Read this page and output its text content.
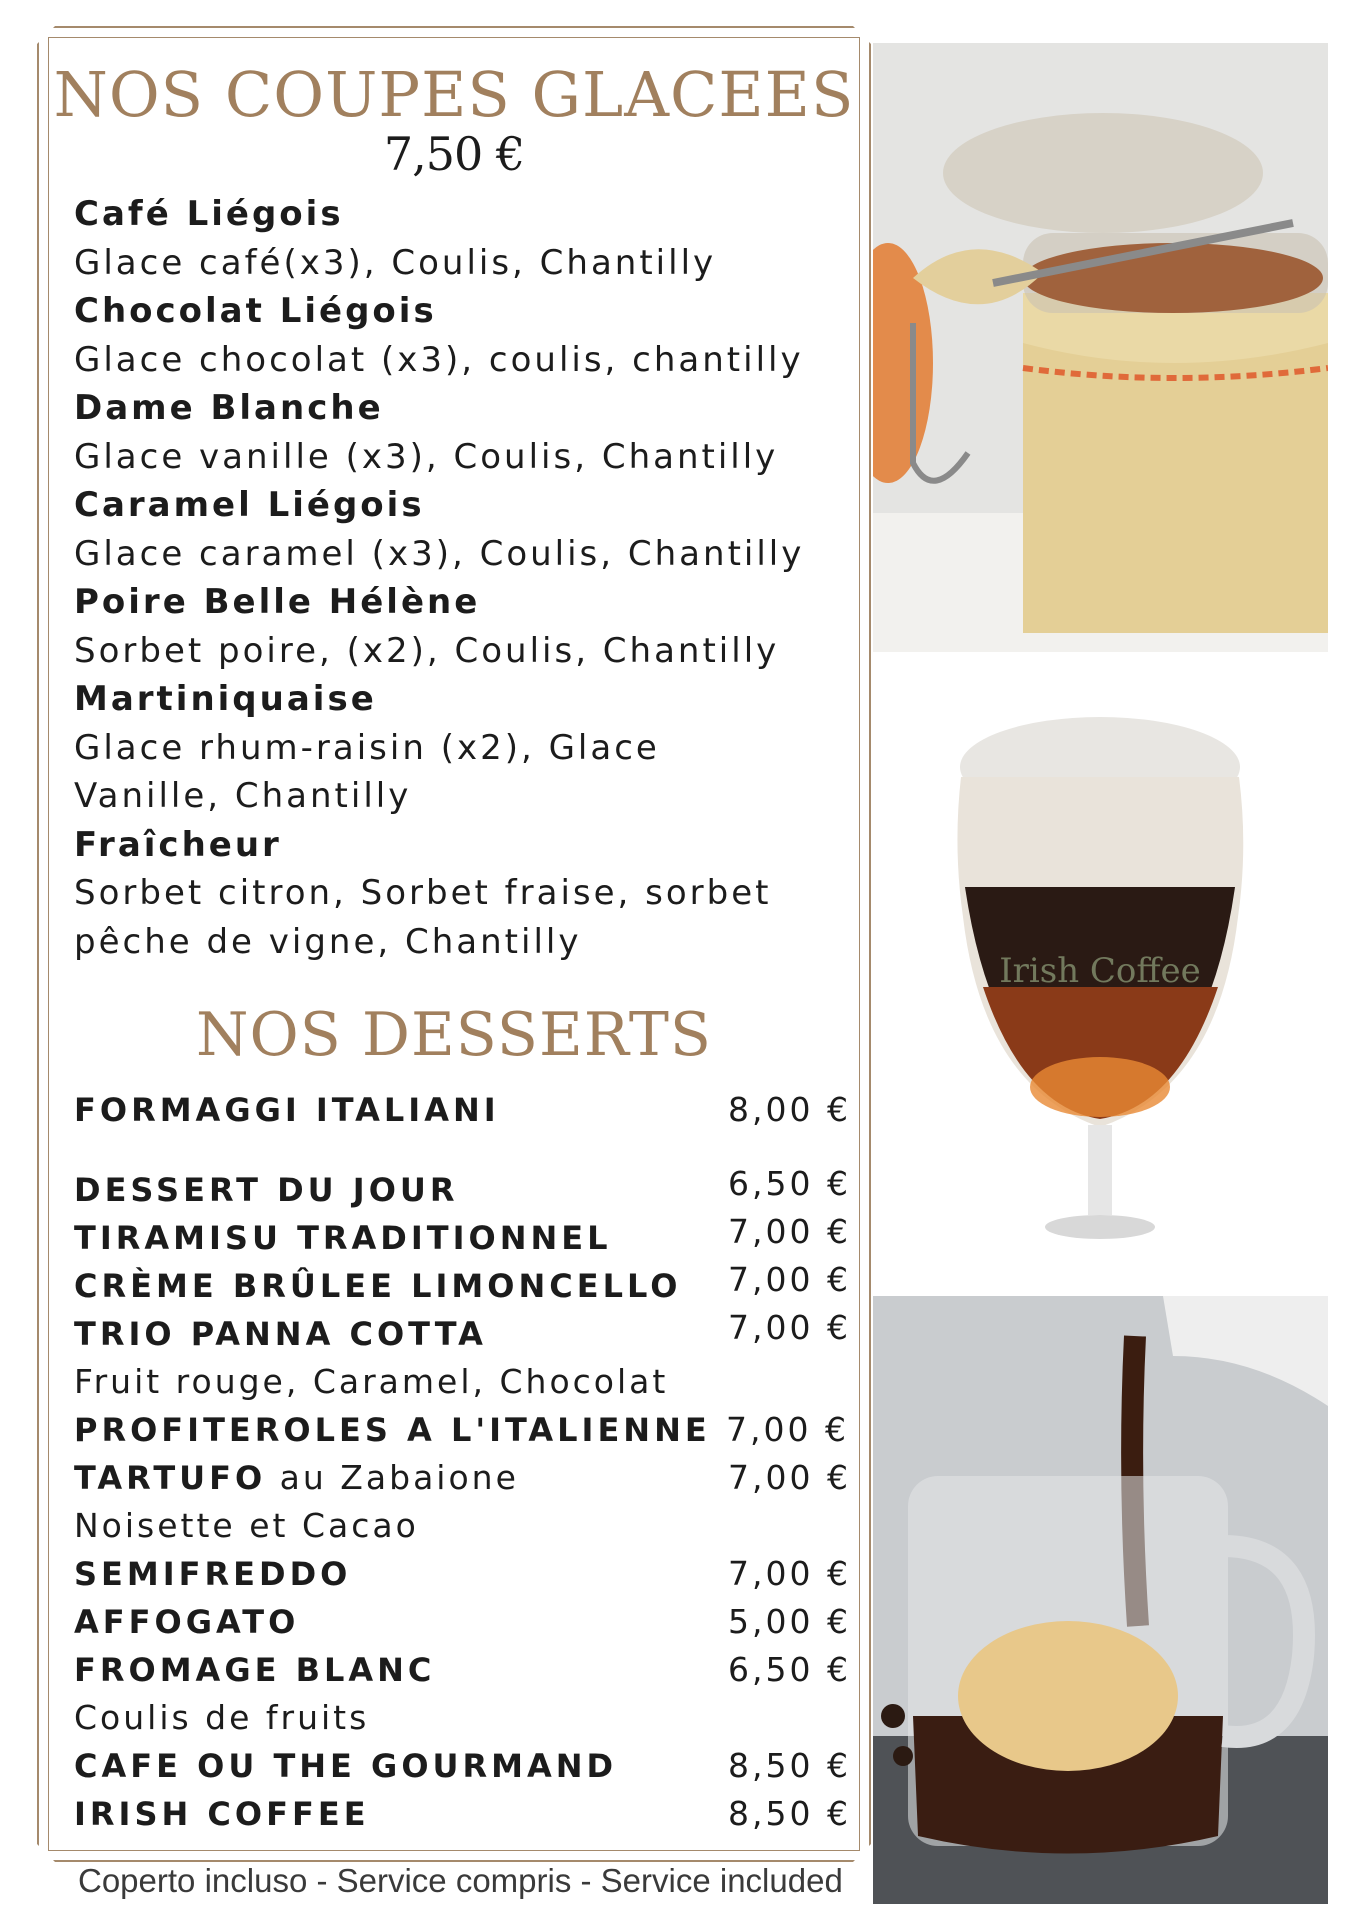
NOS COUPES GLACEES
7,50 €
Café Liégois
Glace café(x3), Coulis, Chantilly
Chocolat Liégois
Glace chocolat (x3), coulis, chantilly
Dame Blanche
Glace vanille (x3), Coulis, Chantilly
Caramel Liégois
Glace caramel (x3), Coulis, Chantilly
Poire Belle Hélène
Sorbet poire, (x2), Coulis, Chantilly
Martiniquaise
Glace rhum-raisin (x2), Glace Vanille, Chantilly
Fraîcheur
Sorbet citron, Sorbet fraise, sorbet pêche de vigne, Chantilly
NOS DESSERTS
FORMAGGI ITALIANI	8,00 €
DESSERT DU JOUR	6,50 €
TIRAMISU TRADITIONNEL	7,00 €
CRÈME BRÛLEE LIMONCELLO 7,00 €
TRIO PANNA COTTA	7,00 €
Fruit rouge, Caramel, Chocolat
PROFITEROLES A L'ITALIENNE 7,00 €
TARTUFO au Zabaione	7,00 €
Noisette et Cacao
SEMIFREDDO	7,00 €
AFFOGATO	5,00 €
FROMAGE BLANC	6,50 €
Coulis de fruits
CAFE OU THE GOURMAND	8,50 €
IRISH COFFEE	8,50 €
Coperto incluso - Service compris - Service included
Irish Coffee
